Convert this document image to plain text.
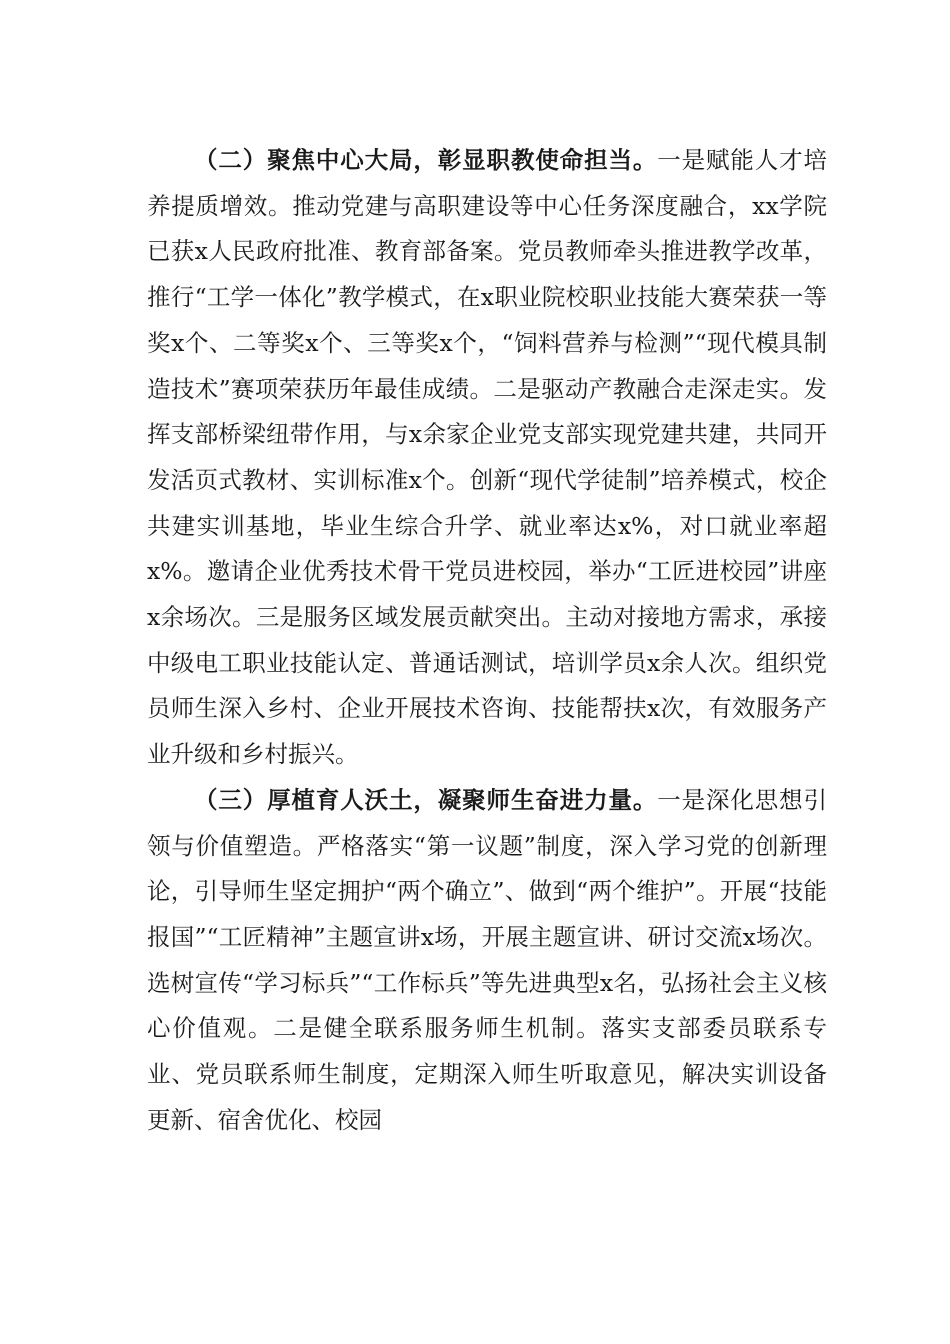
（二）聚焦中心大局，彰显职教使命担当。一是赋能人才培养提质增效。推动党建与高职建设等中心任务深度融合，xx学院已获x人民政府批准、教育部备案。党员教师牵头推进教学改革，推行“工学一体化”教学模式，在x职业院校职业技能大赛荣获一等奖x个、二等奖x个、三等奖x个，“饲料营养与检测”“现代模具制造技术”赛项荣获历年最佳成绩。二是驱动产教融合走深走实。发挥支部桥梁纽带作用，与x余家企业党支部实现党建共建，共同开发活页式教材、实训标准x个。创新“现代学徒制”培养模式，校企共建实训基地，毕业生综合升学、就业率达x%，对口就业率超x%。邀请企业优秀技术骨干党员进校园，举办“工匠进校园”讲座x余场次。三是服务区域发展贡献突出。主动对接地方需求，承接中级电工职业技能认定、普通话测试，培训学员x余人次。组织党员师生深入乡村、企业开展技术咨询、技能帮扶x次，有效服务产业升级和乡村振兴。

（三）厚植育人沃土，凝聚师生奋进力量。一是深化思想引领与价值塑造。严格落实“第一议题”制度，深入学习党的创新理论，引导师生坚定拥护“两个确立”、做到“两个维护”。开展“技能报国”“工匠精神”主题宣讲x场，开展主题宣讲、研讨交流x场次。选树宣传“学习标兵”“工作标兵”等先进典型x名，弘扬社会主义核心价值观。二是健全联系服务师生机制。落实支部委员联系专业、党员联系师生制度，定期深入师生听取意见，解决实训设备更新、宿舍优化、校园
